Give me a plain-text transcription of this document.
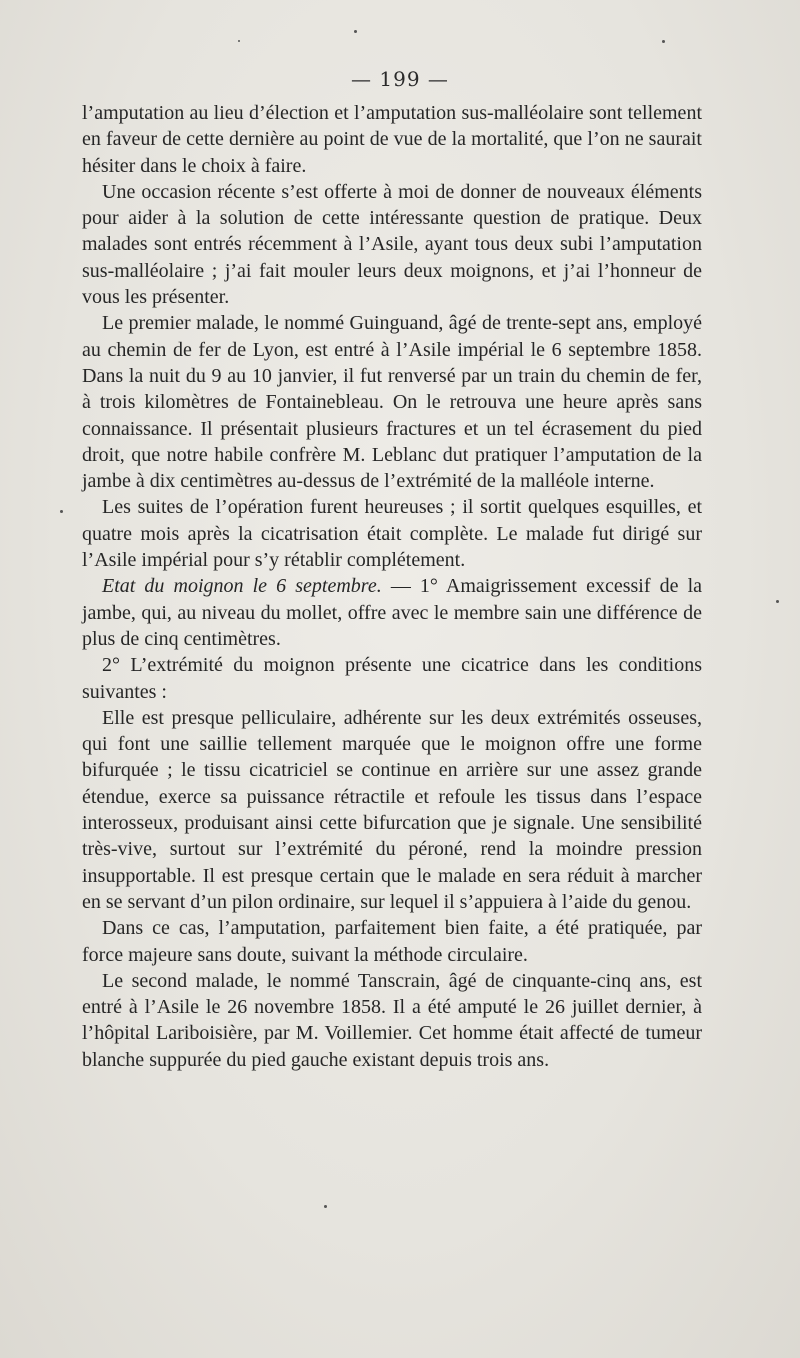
— 199 —

l’amputation au lieu d’élection et l’amputation sus-malléolaire sont tellement en faveur de cette dernière au point de vue de la mortalité, que l’on ne saurait hésiter dans le choix à faire.

Une occasion récente s’est offerte à moi de donner de nouveaux éléments pour aider à la solution de cette intéressante question de pratique. Deux malades sont entrés récemment à l’Asile, ayant tous deux subi l’amputation sus-malléolaire ; j’ai fait mouler leurs deux moignons, et j’ai l’honneur de vous les présenter.

Le premier malade, le nommé Guinguand, âgé de trente-sept ans, employé au chemin de fer de Lyon, est entré à l’Asile impérial le 6 septembre 1858. Dans la nuit du 9 au 10 janvier, il fut renversé par un train du chemin de fer, à trois kilomètres de Fontainebleau. On le retrouva une heure après sans connaissance. Il présentait plusieurs fractures et un tel écrasement du pied droit, que notre habile confrère M. Leblanc dut pratiquer l’amputation de la jambe à dix centimètres au-dessus de l’extrémité de la malléole interne.

Les suites de l’opération furent heureuses ; il sortit quelques esquilles, et quatre mois après la cicatrisation était complète. Le malade fut dirigé sur l’Asile impérial pour s’y rétablir complétement.

Etat du moignon le 6 septembre. — 1° Amaigrissement excessif de la jambe, qui, au niveau du mollet, offre avec le membre sain une différence de plus de cinq centimètres.

2° L’extrémité du moignon présente une cicatrice dans les conditions suivantes :

Elle est presque pelliculaire, adhérente sur les deux extrémités osseuses, qui font une saillie tellement marquée que le moignon offre une forme bifurquée ; le tissu cicatriciel se continue en arrière sur une assez grande étendue, exerce sa puissance rétractile et refoule les tissus dans l’espace interosseux, produisant ainsi cette bifurcation que je signale. Une sensibilité très-vive, surtout sur l’extrémité du péroné, rend la moindre pression insupportable. Il est presque certain que le malade en sera réduit à marcher en se servant d’un pilon ordinaire, sur lequel il s’appuiera à l’aide du genou.

Dans ce cas, l’amputation, parfaitement bien faite, a été pratiquée, par force majeure sans doute, suivant la méthode circulaire.

Le second malade, le nommé Tanscrain, âgé de cinquante-cinq ans, est entré à l’Asile le 26 novembre 1858. Il a été amputé le 26 juillet dernier, à l’hôpital Lariboisière, par M. Voillemier. Cet homme était affecté de tumeur blanche suppurée du pied gauche existant depuis trois ans.
